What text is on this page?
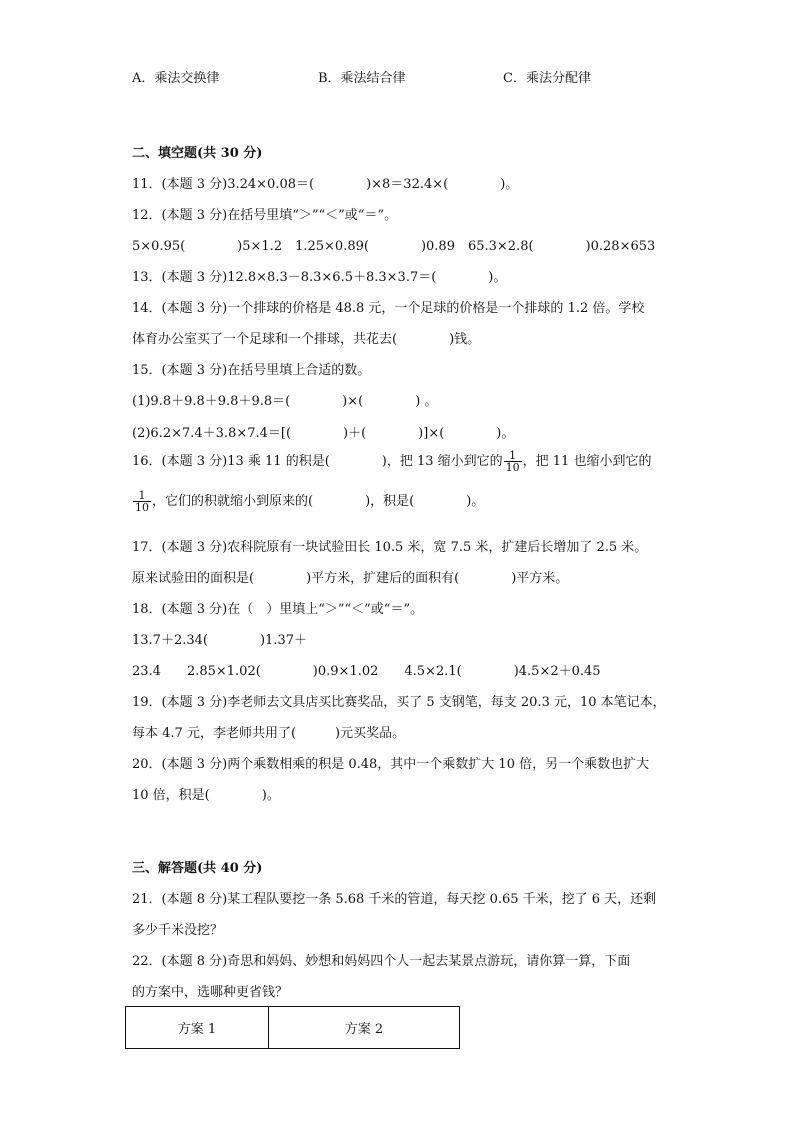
A．乘法交换律	B．乘法结合律	C．乘法分配律
二、填空题(共 30 分)
11．(本题 3 分)3.24×0.08＝(　　　　)×8＝32.4×(　　　　)。
12．(本题 3 分)在括号里填“＞”“＜”或“＝”。
5×0.95(　　　　)5×1.2　1.25×0.89(　　　　)0.89　65.3×2.8(　　　　)0.28×653
13．(本题 3 分)12.8×8.3－8.3×6.5＋8.3×3.7＝(　　　　)。
14．(本题 3 分)一个排球的价格是 48.8 元，一个足球的价格是一个排球的 1.2 倍。学校
体育办公室买了一个足球和一个排球，共花去(　　　　)钱。
15．(本题 3 分)在括号里填上合适的数。
(1)9.8＋9.8＋9.8＋9.8＝(　　　　)×(　　　　) 。
(2)6.2×7.4＋3.8×7.4＝[(　　　　)＋(　　　　)]×(　　　　)。
16．(本题 3 分)13 乘 11 的积是(　　　　)，把 13 缩小到它的 $\frac{1}{10}$ ，把 11 也缩小到它的
$\frac{1}{10}$ ，它们的积就缩小到原来的(　　　　)，积是(　　　　)。
17．(本题 3 分)农科院原有一块试验田长 10.5 米，宽 7.5 米，扩建后长增加了 2.5 米。
原来试验田的面积是(　　　　)平方米，扩建后的面积有(　　　　)平方米。
18．(本题 3 分)在（　）里填上“＞”“＜”或“＝”。
13.7＋2.34(　　　　)1.37＋
23.4　　2.85×1.02(　　　　)0.9×1.02　　4.5×2.1(　　　　)4.5×2＋0.45
19．(本题 3 分)李老师去文具店买比赛奖品，买了 5 支钢笔，每支 20.3 元，10 本笔记本，
每本 4.7 元，李老师共用了(　　　)元买奖品。
20．(本题 3 分)两个乘数相乘的积是 0.48，其中一个乘数扩大 10 倍，另一个乘数也扩大
10 倍，积是(　　　　)。
三、解答题(共 40 分)
21．(本题 8 分)某工程队要挖一条 5.68 千米的管道，每天挖 0.65 千米，挖了 6 天，还剩
多少千米没挖？
22．(本题 8 分)奇思和妈妈、妙想和妈妈四个人一起去某景点游玩，请你算一算，下面
的方案中，选哪种更省钱？
方案 1	方案 2
